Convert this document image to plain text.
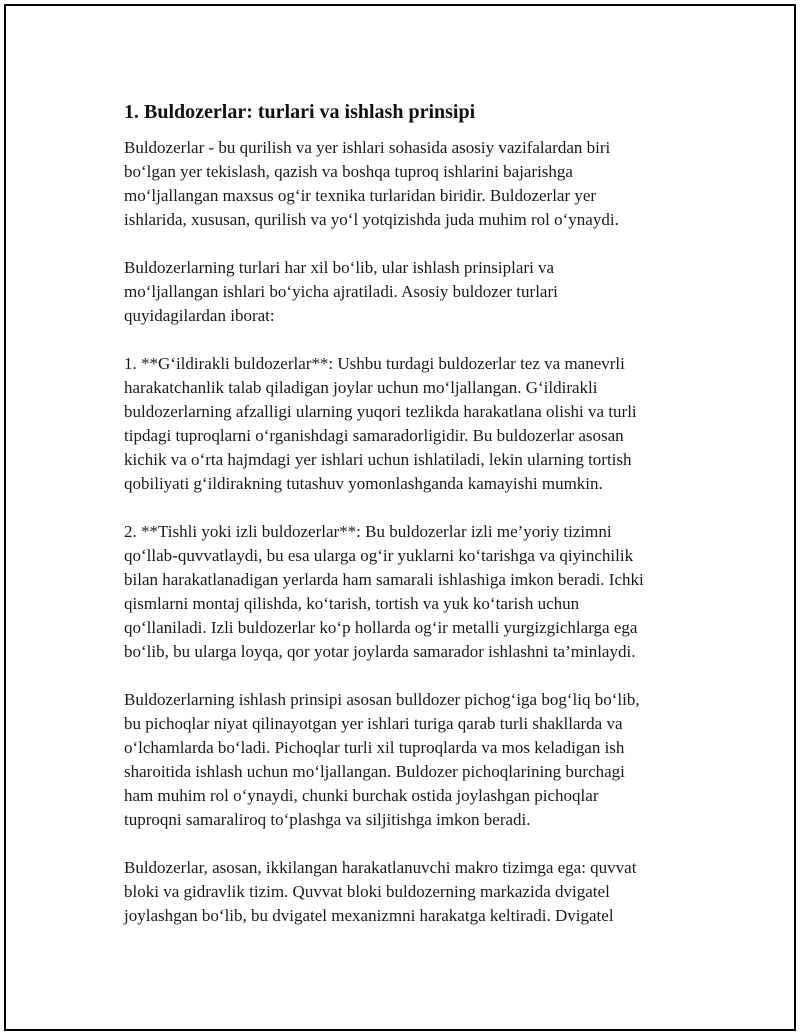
1. Buldozerlar: turlari va ishlash prinsipi

Buldozerlar - bu qurilish va yer ishlari sohasida asosiy vazifalardan biri
bo‘lgan yer tekislash, qazish va boshqa tuproq ishlarini bajarishga
mo‘ljallangan maxsus og‘ir texnika turlaridan biridir. Buldozerlar yer
ishlarida, xususan, qurilish va yo‘l yotqizishda juda muhim rol o‘ynaydi.

Buldozerlarning turlari har xil bo‘lib, ular ishlash prinsiplari va
mo‘ljallangan ishlari bo‘yicha ajratiladi. Asosiy buldozer turlari
quyidagilardan iborat:

1. **G‘ildirakli buldozerlar**: Ushbu turdagi buldozerlar tez va manevrli
harakatchanlik talab qiladigan joylar uchun mo‘ljallangan. G‘ildirakli
buldozerlarning afzalligi ularning yuqori tezlikda harakatlana olishi va turli
tipdagi tuproqlarni o‘rganishdagi samaradorligidir. Bu buldozerlar asosan
kichik va o‘rta hajmdagi yer ishlari uchun ishlatiladi, lekin ularning tortish
qobiliyati g‘ildirakning tutashuv yomonlashganda kamayishi mumkin.

2. **Tishli yoki izli buldozerlar**: Bu buldozerlar izli me’yoriy tizimni
qo‘llab-quvvatlaydi, bu esa ularga og‘ir yuklarni ko‘tarishga va qiyinchilik
bilan harakatlanadigan yerlarda ham samarali ishlashiga imkon beradi. Ichki
qismlarni montaj qilishda, ko‘tarish, tortish va yuk ko‘tarish uchun
qo‘llaniladi. Izli buldozerlar ko‘p hollarda og‘ir metalli yurgizgichlarga ega
bo‘lib, bu ularga loyqa, qor yotar joylarda samarador ishlashni ta’minlaydi.

Buldozerlarning ishlash prinsipi asosan bulldozer pichog‘iga bog‘liq bo‘lib,
bu pichoqlar niyat qilinayotgan yer ishlari turiga qarab turli shakllarda va
o‘lchamlarda bo‘ladi. Pichoqlar turli xil tuproqlarda va mos keladigan ish
sharoitida ishlash uchun mo‘ljallangan. Buldozer pichoqlarining burchagi
ham muhim rol o‘ynaydi, chunki burchak ostida joylashgan pichoqlar
tuproqni samaraliroq to‘plashga va siljitishga imkon beradi.

Buldozerlar, asosan, ikkilangan harakatlanuvchi makro tizimga ega: quvvat
bloki va gidravlik tizim. Quvvat bloki buldozerning markazida dvigatel
joylashgan bo‘lib, bu dvigatel mexanizmni harakatga keltiradi. Dvigatel
